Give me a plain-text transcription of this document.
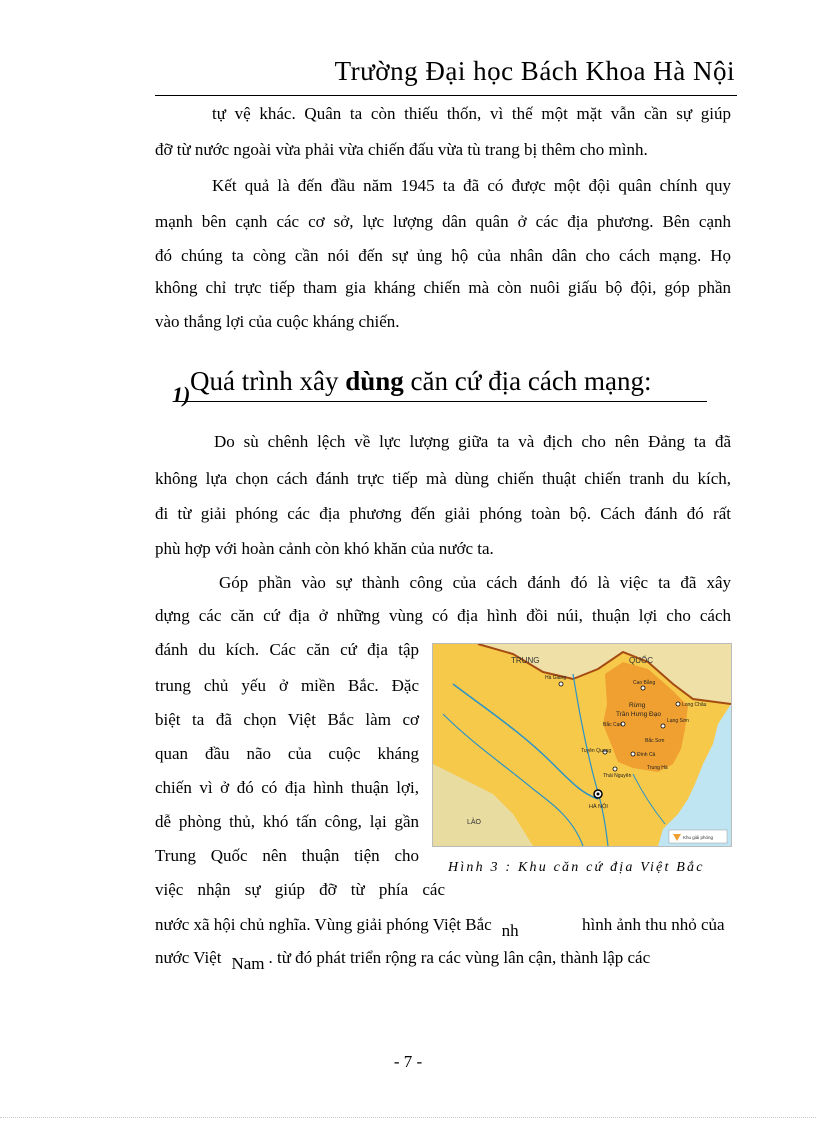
Trường Đại học Bách Khoa Hà Nội
tự vệ khác. Quân ta còn thiếu thốn, vì thế một mặt vẫn cần sự giúp
đỡ từ nước ngoài vừa phải vừa chiến đấu vừa tù trang bị thêm cho mình.
Kết quả là đến đầu năm 1945 ta đã có được một đội quân chính quy
mạnh bên cạnh các cơ sở, lực lượng dân quân ở các địa phương. Bên cạnh
đó chúng ta còng cần nói đến sự ủng hộ của nhân dân cho cách mạng. Họ
không chỉ trực tiếp tham gia kháng chiến mà còn nuôi giấu bộ đội, góp phần
vào thắng lợi của cuộc kháng chiến.
1) Quá trình xây dùng căn cứ địa cách mạng:
Do sù chênh lệch về lực lượng giữa ta và địch cho nên Đảng ta đã
không lựa chọn cách đánh trực tiếp mà dùng chiến thuật chiến tranh du kích,
đi từ giải phóng các địa phương đến giải phóng toàn bộ. Cách đánh đó rất
phù hợp với hoàn cảnh còn khó khăn của nước ta.
Góp phần vào sự thành công của cách đánh đó là việc ta đã xây
dựng các căn cứ địa ở những vùng có địa hình đồi núi, thuận lợi cho cách
đánh du kích. Các căn cứ địa tập
trung chủ yếu ở miền Bắc. Đặc
biệt ta đã chọn Việt Bắc làm cơ
quan đầu não của cuộc kháng
chiến vì ở đó có địa hình thuận lợi,
dễ phòng thủ, khó tấn công, lại gần
Trung Quốc nên thuận tiện cho
việc nhận sự giúp đỡ từ phía các
nước xã hội chủ nghĩa. Vùng giải phóng Việt Bắc nh	hình ảnh thu nhỏ của
nước Việt Nam . từ đó phát triển rộng ra các vùng lân cận, thành lập các
TRUNG	QUỐC
Hà Giang
Cao Bằng
Rừng
Trần Hưng Đạo
Bắc Cạn
Lạng Sơn
Tuyên Quang
Bắc Sơn
Đình Cả
Thái Nguyên
Long Châu
Trung Hà
HÀ NỘI
LÀO
Khu giải phóng
Hình 3 : Khu căn cứ địa Việt Bắc
- 7 -
